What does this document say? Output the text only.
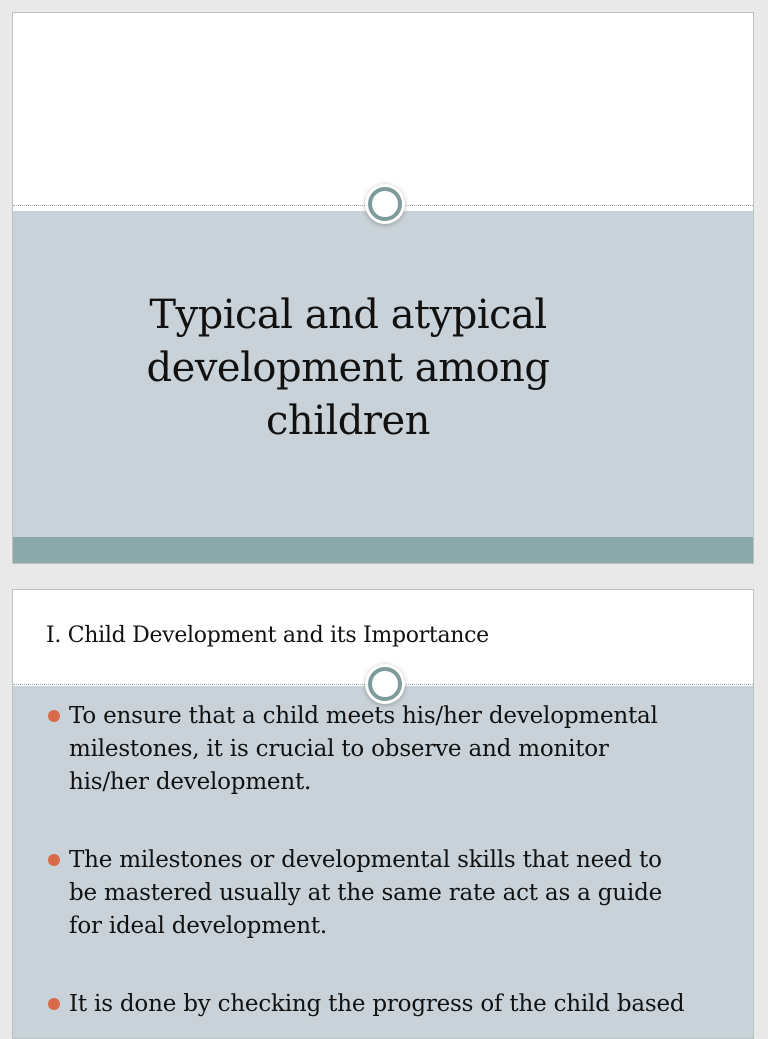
Typical and atypical
development among
children
I. Child Development and its Importance
To ensure that a child meets his/her developmental
milestones, it is crucial to observe and monitor
his/her development.
The milestones or developmental skills that need to
be mastered usually at the same rate act as a guide
for ideal development.
It is done by checking the progress of the child based
